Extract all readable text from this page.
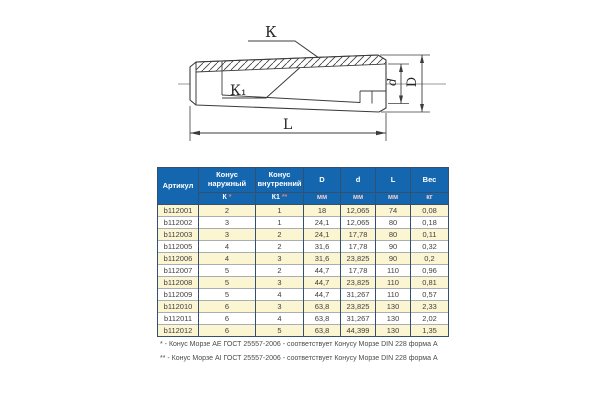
К
К₁
L
d D
Артикул	Конус наружный	Конус внутренний	D	d	L	Вес
	К *	К1 **	мм	мм	мм	кг
b112001	2	1	18	12,065	74	0,08
b112002	3	1	24,1	12,065	80	0,18
b112003	3	2	24,1	17,78	80	0,11
b112005	4	2	31,6	17,78	90	0,32
b112006	4	3	31,6	23,825	90	0,2
b112007	5	2	44,7	17,78	110	0,96
b112008	5	3	44,7	23,825	110	0,81
b112009	5	4	44,7	31,267	110	0,57
b112010	6	3	63,8	23,825	130	2,33
b112011	6	4	63,8	31,267	130	2,02
b112012	6	5	63,8	44,399	130	1,35
* - Конус Морзе AE ГОСТ 25557-2006 - соответствует Конусу Морзе DIN 228 форма А
** - Конус Морзе AI ГОСТ 25557-2006 - соответствует Конусу Морзе DIN 228 форма А
